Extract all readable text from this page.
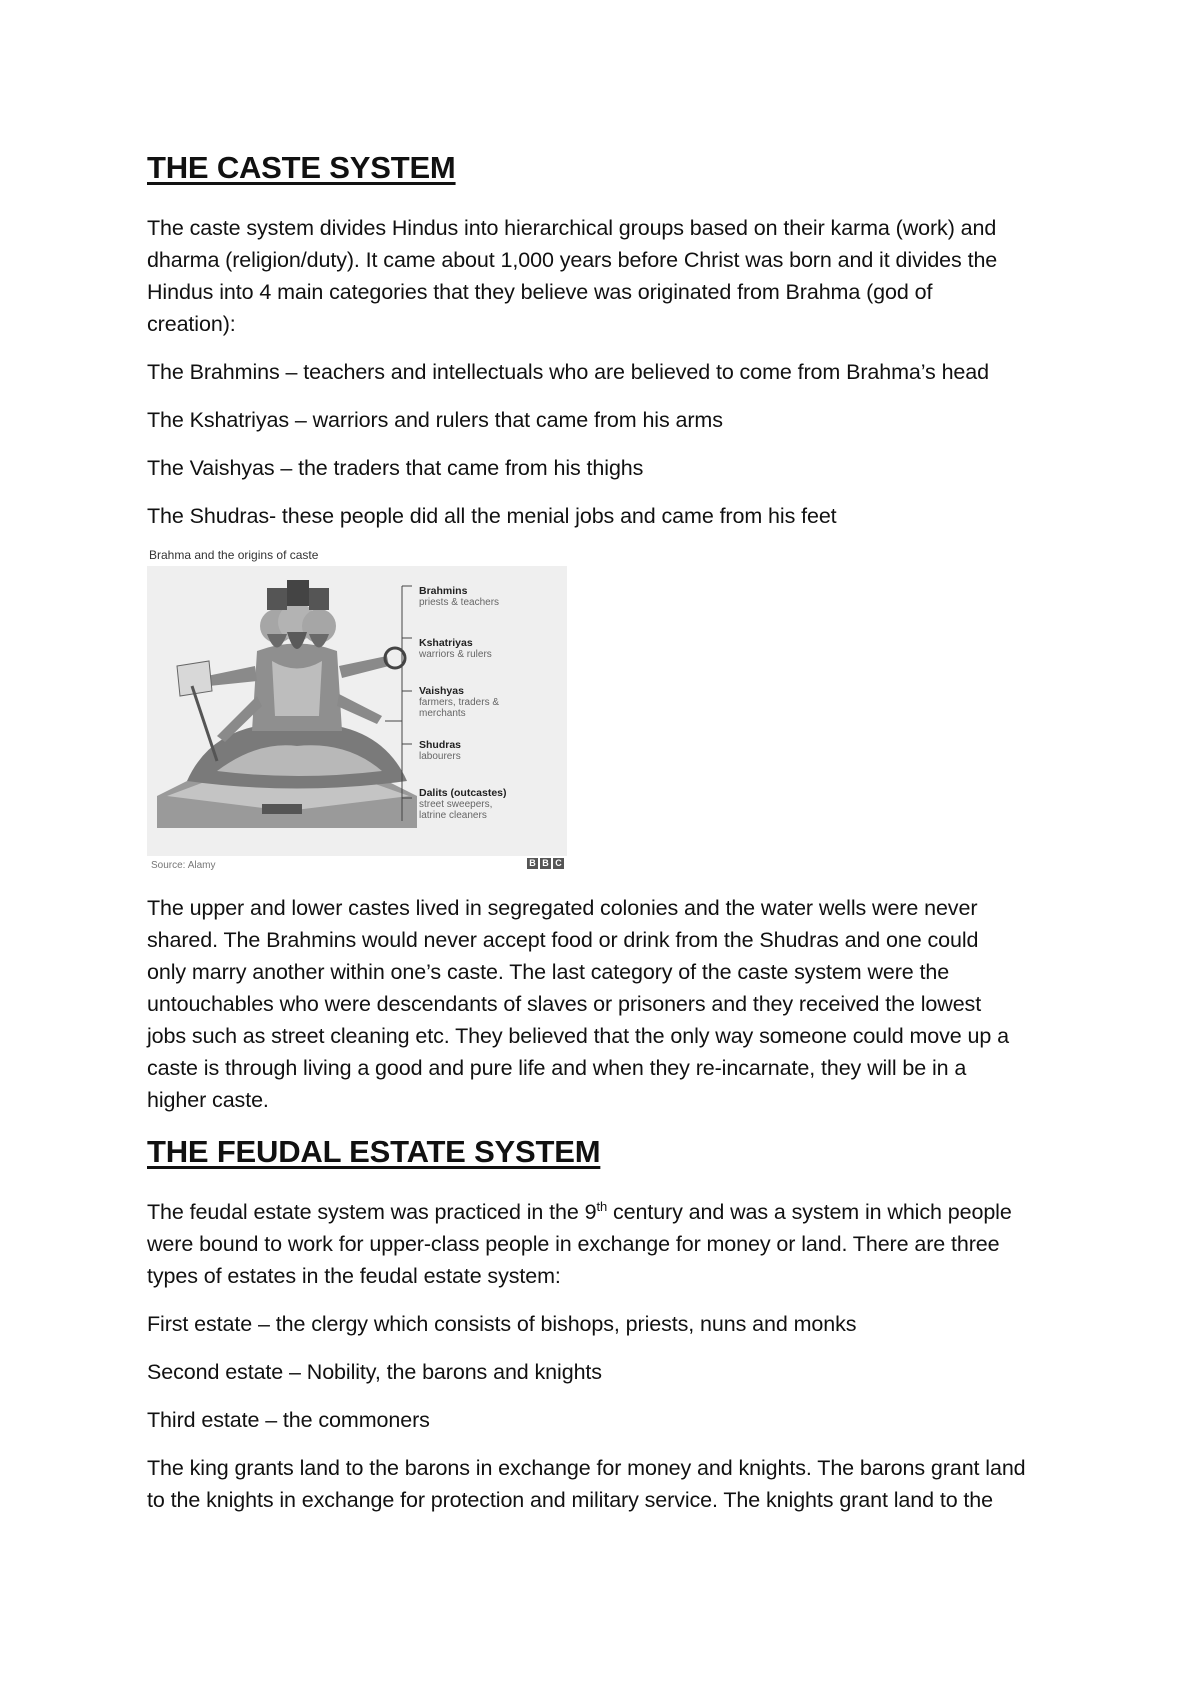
THE CASTE SYSTEM
The caste system divides Hindus into hierarchical groups based on their karma (work) and
dharma (religion/duty). It came about 1,000 years before Christ was born and it divides the
Hindus into 4 main categories that they believe was originated from Brahma (god of
creation):

The Brahmins – teachers and intellectuals who are believed to come from Brahma’s head

The Kshatriyas – warriors and rulers that came from his arms

The Vaishyas – the traders that came from his thighs

The Shudras- these people did all the menial jobs and came from his feet

Brahma and the origins of caste
Brahmins
priests & teachers
Kshatriyas
warriors & rulers
Vaishyas
farmers, traders &
merchants
Shudras
labourers
Dalits (outcastes)
street sweepers,
latrine cleaners
Source: Alamy	B B C
The upper and lower castes lived in segregated colonies and the water wells were never
shared. The Brahmins would never accept food or drink from the Shudras and one could
only marry another within one’s caste. The last category of the caste system were the
untouchables who were descendants of slaves or prisoners and they received the lowest
jobs such as street cleaning etc. They believed that the only way someone could move up a
caste is through living a good and pure life and when they re-incarnate, they will be in a
higher caste.
THE FEUDAL ESTATE SYSTEM
The feudal estate system was practiced in the 9th century and was a system in which people
were bound to work for upper-class people in exchange for money or land. There are three
types of estates in the feudal estate system:

First estate – the clergy which consists of bishops, priests, nuns and monks

Second estate – Nobility, the barons and knights

Third estate – the commoners

The king grants land to the barons in exchange for money and knights. The barons grant land
to the knights in exchange for protection and military service. The knights grant land to the
